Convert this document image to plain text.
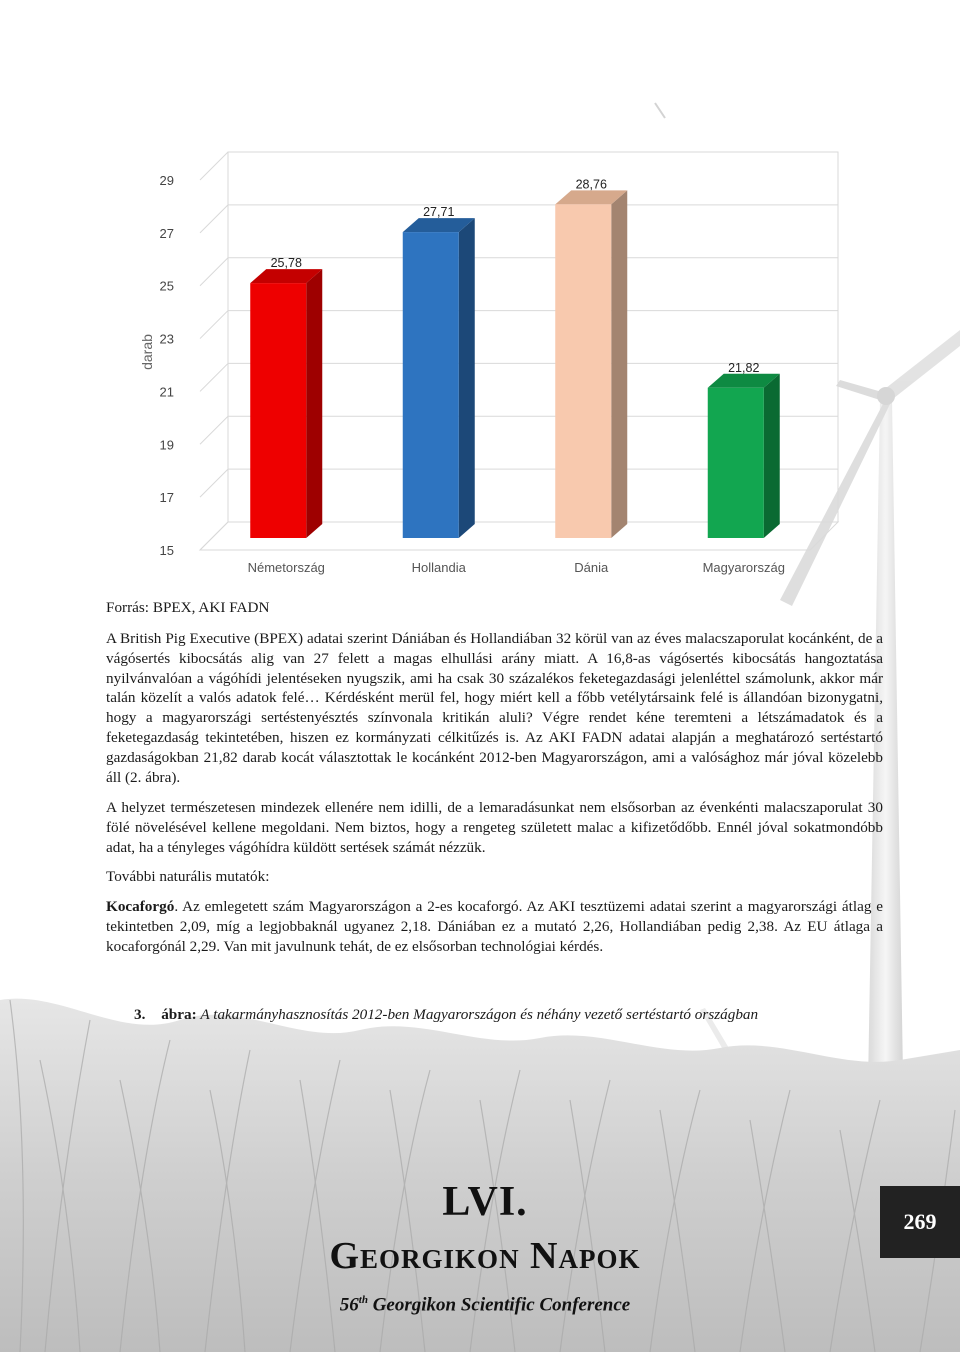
15
17
19
21
23
25
27
29
darab
Németország	Hollandia	Dánia	Magyarország
25,78
27,71
28,76
21,82

Forrás: BPEX, AKI FADN

A British Pig Executive (BPEX) adatai szerint Dániában és Hollandiában 32 körül van az éves malacszaporulat kocánként, de a vágósertés kibocsátás alig van 27 felett a magas elhullási arány miatt. A 16,8-as vágósertés kibocsátás hangoztatása nyilvánvalóan a vágóhídi jelentéseken nyugszik, ami ha csak 30 százalékos feketegazdasági jelenléttel számolunk, akkor már talán közelít a valós adatok felé… Kérdésként merül fel, hogy miért kell a főbb vetélytársaink felé is állandóan bizonygatni, hogy a magyarországi sertéstenyésztés színvonala kritikán aluli? Végre rendet kéne teremteni a létszámadatok és a feketegazdaság tekintetében, hiszen ez kormányzati célkitűzés is. Az AKI FADN adatai alapján a meghatározó sertéstartó gazdaságokban 21,82 darab kocát választottak le kocánként 2012-ben Magyarországon, ami a valósághoz már jóval közelebb áll (2. ábra).

A helyzet természetesen mindezek ellenére nem idilli, de a lemaradásunkat nem elsősorban az évenkénti malacszaporulat 30 fölé növelésével kellene megoldani. Nem biztos, hogy a rengeteg született malac a kifizetődőbb. Ennél jóval sokatmondóbb adat, ha a tényleges vágóhídra küldött sertések számát nézzük.

További naturális mutatók:

Kocaforgó. Az emlegetett szám Magyarországon a 2-es kocaforgó. Az AKI tesztüzemi adatai szerint a magyarországi átlag e tekintetben 2,09, míg a legjobbaknál ugyanez 2,18. Dániában ez a mutató 2,26, Hollandiában pedig 2,38. Az EU átlaga a kocaforgónál 2,29. Van mit javulnunk tehát, de ez elsősorban technológiai kérdés.

3. ábra: A takarmányhasznosítás 2012-ben Magyarországon és néhány vezető sertéstartó országban
LVI.
Georgikon Napok
56th Georgikon Scientific Conference
269
